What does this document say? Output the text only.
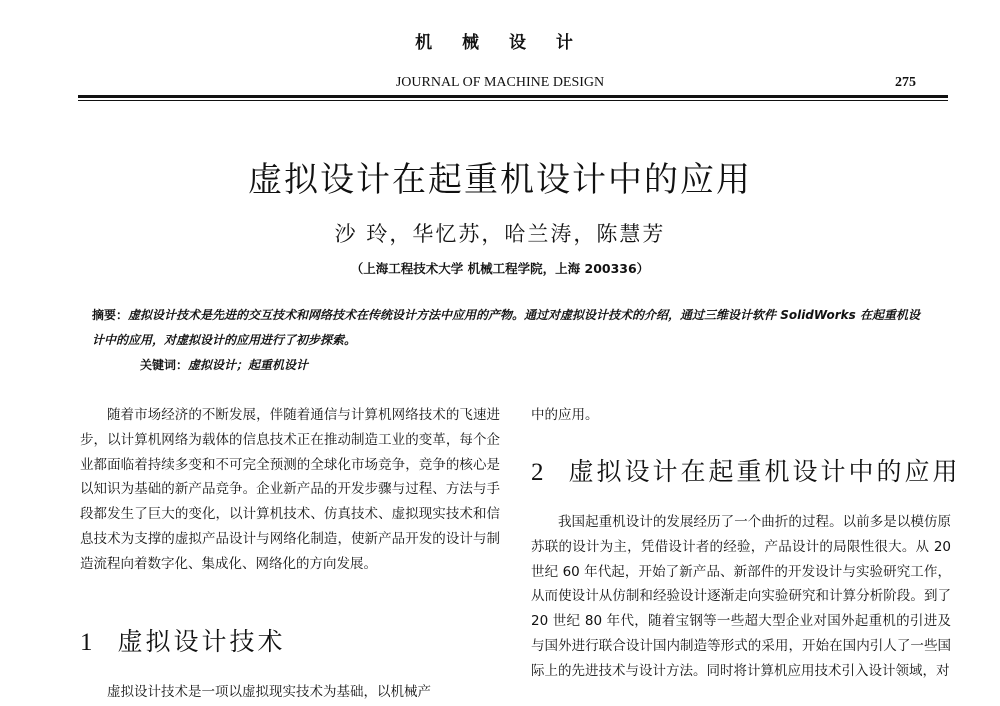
机 械 设 计
JOURNAL OF MACHINE DESIGN	275
虚拟设计在起重机设计中的应用
沙 玲，华忆苏，哈兰涛，陈慧芳
（上海工程技术大学 机械工程学院，上海 200336）
摘要：虚拟设计技术是先进的交互技术和网络技术在传统设计方法中应用的产物。通过对虚拟设计技术的介绍，通过三维设计软件 SolidWorks 在起重机设计中的应用，对虚拟设计的应用进行了初步探索。
关键词：虚拟设计；起重机设计

随着市场经济的不断发展，伴随着通信与计算机网络技术的飞速进步，以计算机网络为载体的信息技术正在推动制造工业的变革，每个企业都面临着持续多变和不可完全预测的全球化市场竞争，竞争的核心是以知识为基础的新产品竞争。企业新产品的开发步骤与过程、方法与手段都发生了巨大的变化，以计算机技术、仿真技术、虚拟现实技术和信息技术为支撑的虚拟产品设计与网络化制造，使新产品开发的设计与制造流程向着数字化、集成化、网络化的方向发展。

1 虚拟设计技术
虚拟设计技术是一项以虚拟现实技术为基础，以机械产
中的应用。
2 虚拟设计在起重机设计中的应用

我国起重机设计的发展经历了一个曲折的过程。以前多是以模仿原苏联的设计为主，凭借设计者的经验，产品设计的局限性很大。从 20 世纪 60 年代起，开始了新产品、新部件的开发设计与实验研究工作，从而使设计从仿制和经验设计逐渐走向实验研究和计算分析阶段。到了 20 世纪 80 年代，随着宝钢等一些超大型企业对国外起重机的引进及与国外进行联合设计国内制造等形式的采用，开始在国内引人了一些国际上的先进技术与设计方法。同时将计算机应用技术引入设计领域，对
